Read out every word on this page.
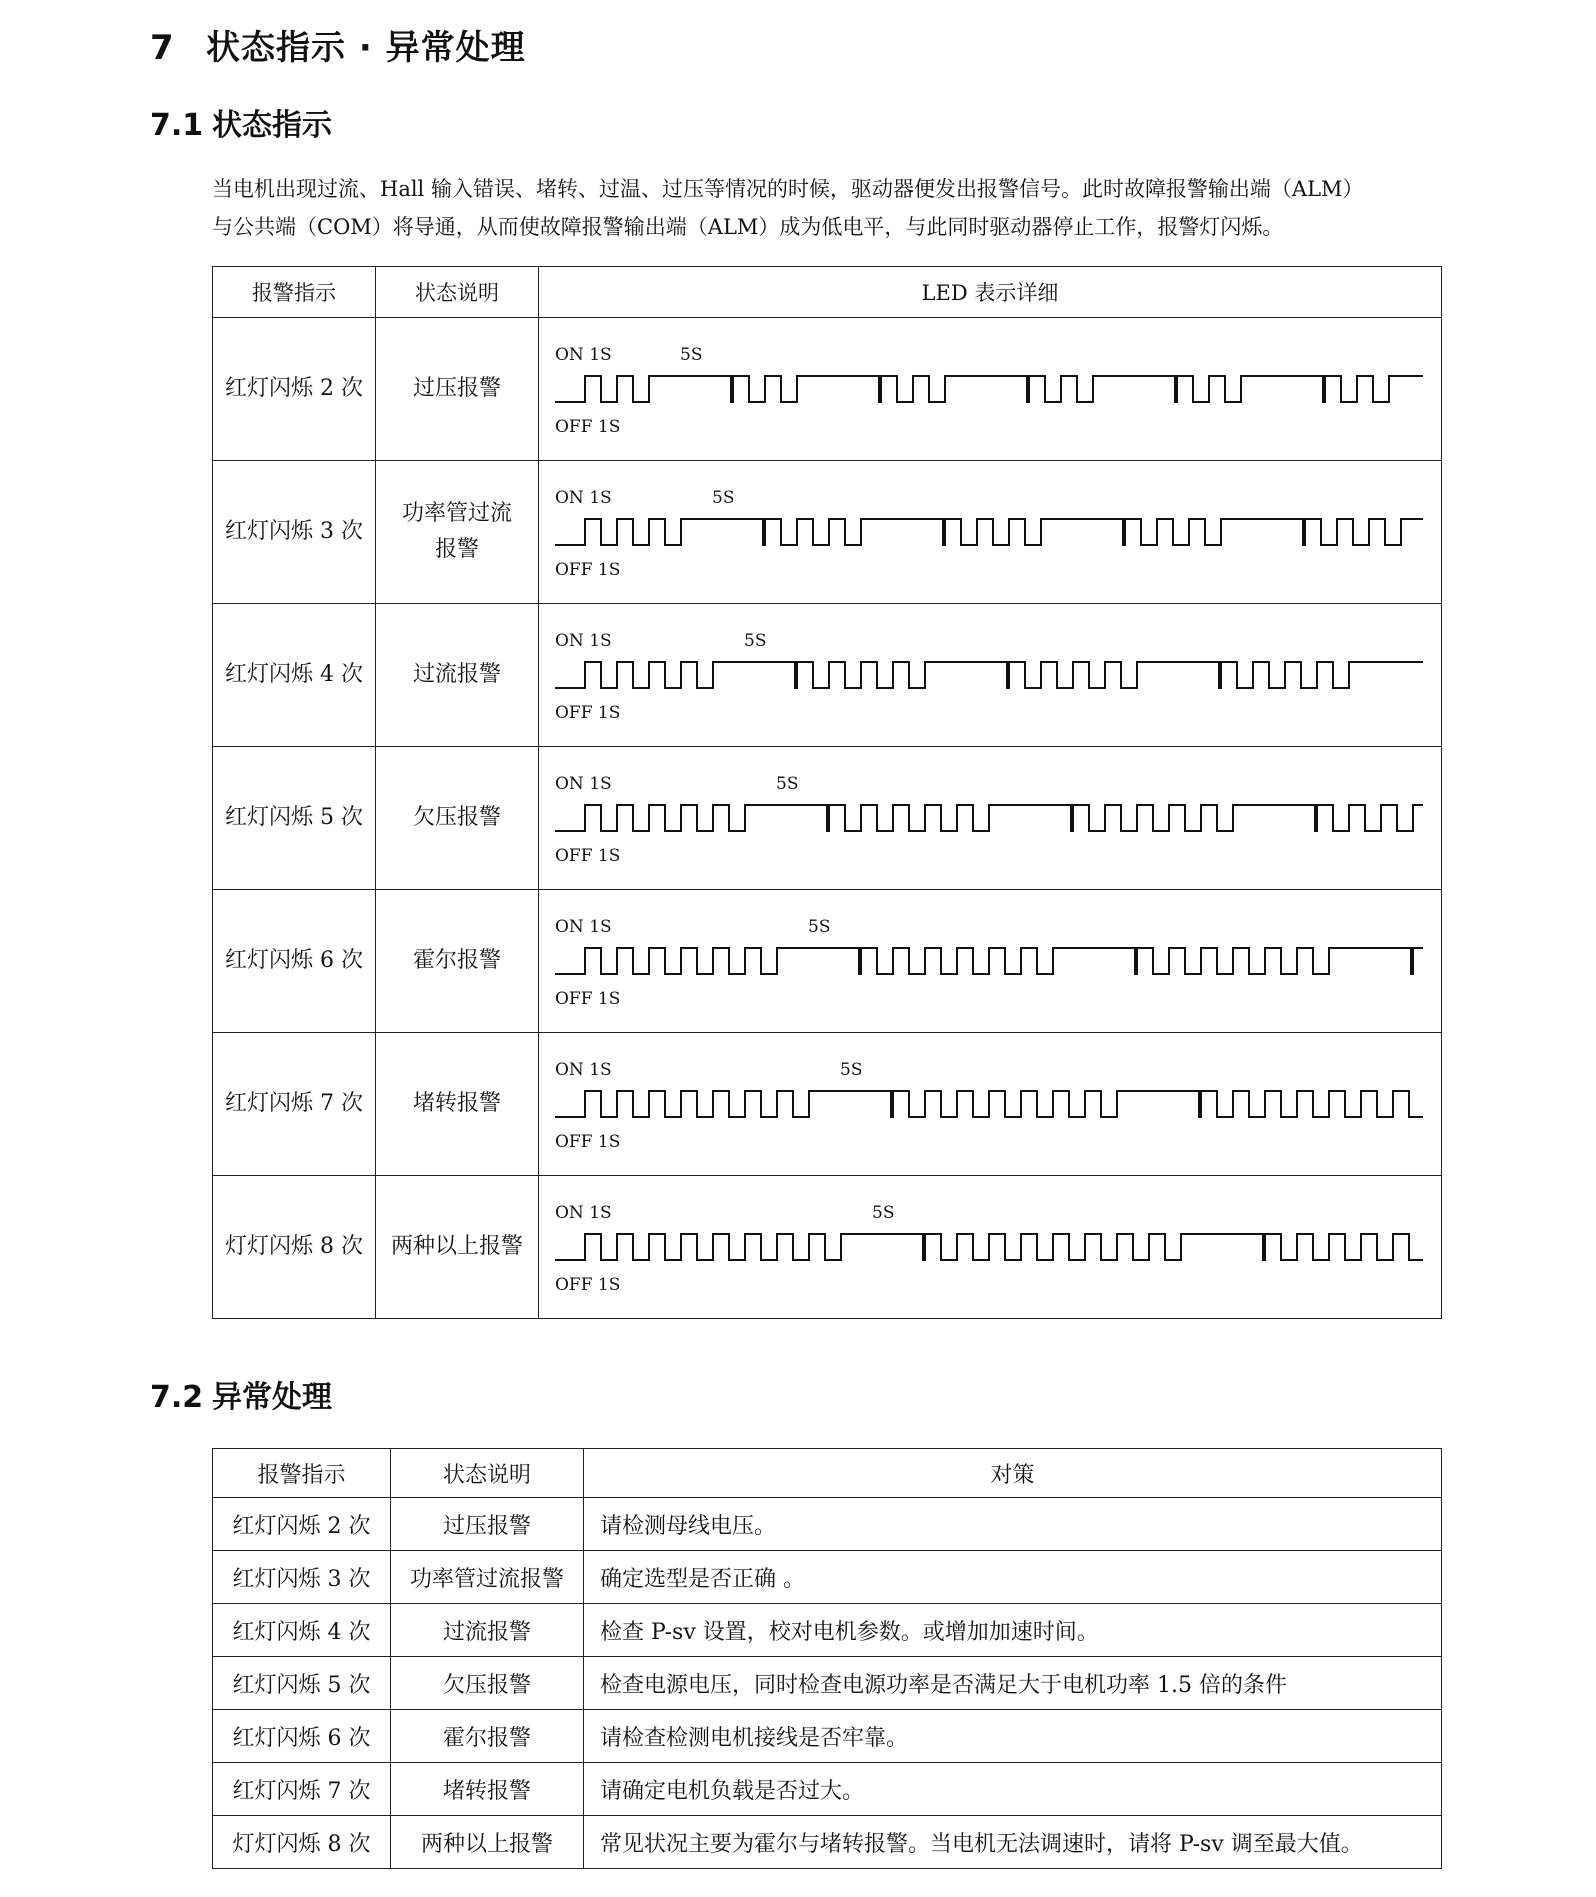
7 状态指示 · 异常处理
7.1 状态指示

当电机出现过流、Hall 输入错误、堵转、过温、过压等情况的时候，驱动器便发出报警信号。此时故障报警输出端（ALM）

与公共端（COM）将导通，从而使故障报警输出端（ALM）成为低电平，与此同时驱动器停止工作，报警灯闪烁。

报警指示	状态说明	LED 表示详细
红灯闪烁 2 次	过压报警	ON 1S
OFF 1S
5S

红灯闪烁 3 次	功率管过流报警	ON 1S
OFF 1S
5S

红灯闪烁 4 次	过流报警	ON 1S
OFF 1S
5S

红灯闪烁 5 次	欠压报警	ON 1S
OFF 1S
5S

红灯闪烁 6 次	霍尔报警	ON 1S
OFF 1S
5S

红灯闪烁 7 次	堵转报警	ON 1S
OFF 1S
5S

灯灯闪烁 8 次	两种以上报警	ON 1S
OFF 1S
5S
7.2 异常处理
报警指示	状态说明	对策
红灯闪烁 2 次	过压报警	请检测母线电压。
红灯闪烁 3 次	功率管过流报警	确定选型是否正确 。
红灯闪烁 4 次	过流报警	检查 P-sv 设置，校对电机参数。或增加加速时间。
红灯闪烁 5 次	欠压报警	检查电源电压，同时检查电源功率是否满足大于电机功率 1.5 倍的条件
红灯闪烁 6 次	霍尔报警	请检查检测电机接线是否牢靠。
红灯闪烁 7 次	堵转报警	请确定电机负载是否过大。
灯灯闪烁 8 次	两种以上报警	常见状况主要为霍尔与堵转报警。当电机无法调速时，请将 P-sv 调至最大值。
